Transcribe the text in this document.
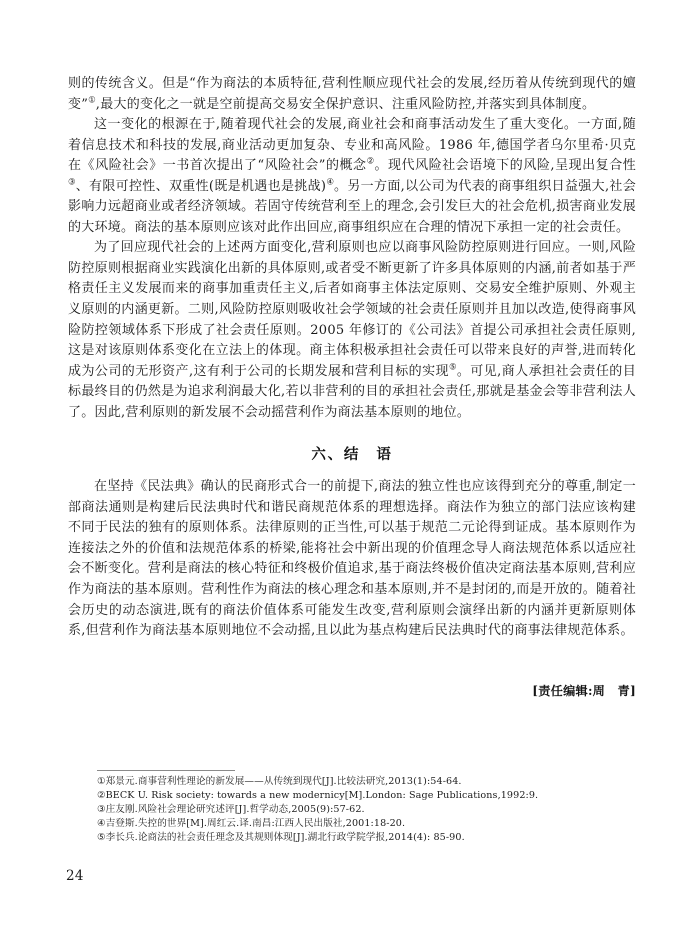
则的传统含义。但是“作为商法的本质特征,营利性顺应现代社会的发展,经历着从传统到现代的嬗变”①,最大的变化之一就是空前提高交易安全保护意识、注重风险防控,并落实到具体制度。

这一变化的根源在于,随着现代社会的发展,商业社会和商事活动发生了重大变化。一方面,随着信息技术和科技的发展,商业活动更加复杂、专业和高风险。1986 年,德国学者乌尔里希·贝克在《风险社会》一书首次提出了“风险社会”的概念②。现代风险社会语境下的风险,呈现出复合性③、有限可控性、双重性(既是机遇也是挑战)④。另一方面,以公司为代表的商事组织日益强大,社会影响力远超商业或者经济领域。若固守传统营利至上的理念,会引发巨大的社会危机,损害商业发展的大环境。商法的基本原则应该对此作出回应,商事组织应在合理的情况下承担一定的社会责任。

为了回应现代社会的上述两方面变化,营利原则也应以商事风险防控原则进行回应。一则,风险防控原则根据商业实践演化出新的具体原则,或者受不断更新了许多具体原则的内涵,前者如基于严格责任主义发展而来的商事加重责任主义,后者如商事主体法定原则、交易安全维护原则、外观主义原则的内涵更新。二则,风险防控原则吸收社会学领域的社会责任原则并且加以改造,使得商事风险防控领域体系下形成了社会责任原则。2005 年修订的《公司法》首提公司承担社会责任原则,这是对该原则体系变化在立法上的体现。商主体积极承担社会责任可以带来良好的声誉,进而转化成为公司的无形资产,这有利于公司的长期发展和营利目标的实现⑤。可见,商人承担社会责任的目标最终目的仍然是为追求利润最大化,若以非营利的目的承担社会责任,那就是基金会等非营利法人了。因此,营利原则的新发展不会动摇营利作为商法基本原则的地位。

六、结　语

在坚持《民法典》确认的民商形式合一的前提下,商法的独立性也应该得到充分的尊重,制定一部商法通则是构建后民法典时代和谐民商规范体系的理想选择。商法作为独立的部门法应该构建不同于民法的独有的原则体系。法律原则的正当性,可以基于规范二元论得到证成。基本原则作为连接法之外的价值和法规范体系的桥梁,能将社会中新出现的价值理念导人商法规范体系以适应社会不断变化。营利是商法的核心特征和终极价值追求,基于商法终极价值决定商法基本原则,营利应作为商法的基本原则。营利性作为商法的核心理念和基本原则,并不是封闭的,而是开放的。随着社会历史的动态演进,既有的商法价值体系可能发生改变,营利原则会演绎出新的内涵并更新原则体系,但营利作为商法基本原则地位不会动摇,且以此为基点构建后民法典时代的商事法律规范体系。

[责任编辑:周　青]

①郑景元.商事营利性理论的新发展——从传统到现代[J].比较法研究,2013(1):54-64.
②BECK U. Risk society: towards a new modernicy[M].London: Sage Publications,1992:9.
③庄友刚.风险社会理论研究述评[J].哲学动态,2005(9):57-62.
④吉登斯.失控的世界[M].周红云.译.南昌:江西人民出版社,2001:18-20.
⑤李长兵.论商法的社会责任理念及其规则体现[J].湖北行政学院学报,2014(4): 85-90.
24
